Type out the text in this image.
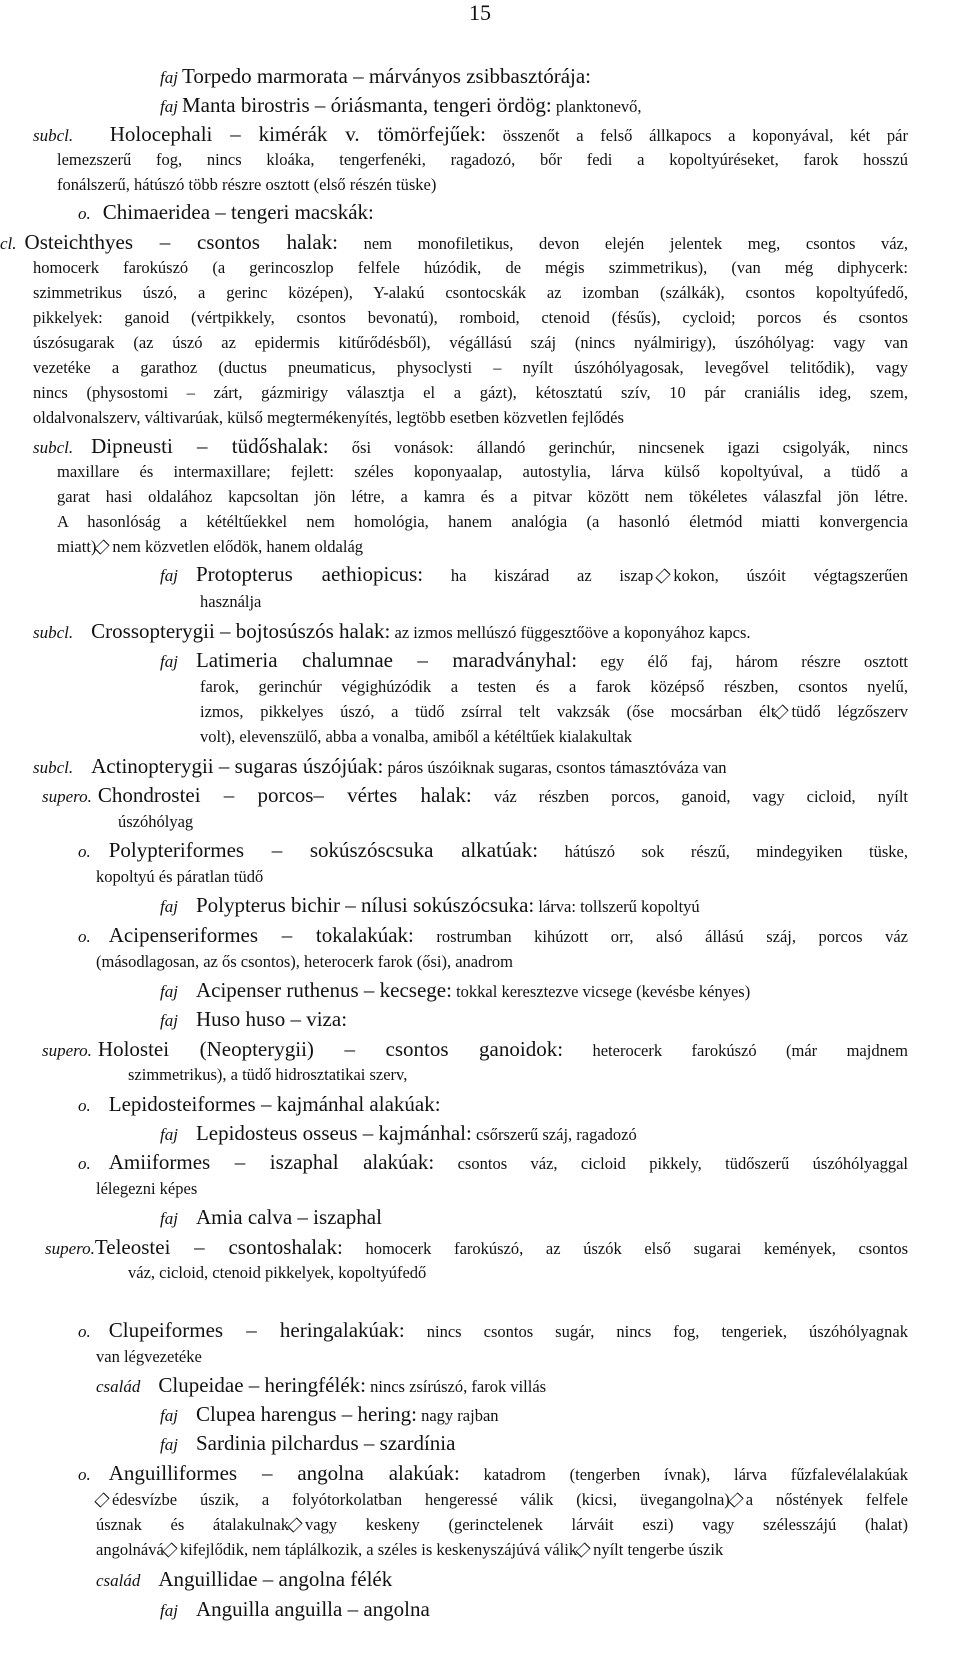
15
faj Torpedo marmorata – márványos zsibbasztórája:
faj Manta birostris – óriásmanta, tengeri ördög: planktonevő,
subcl. Holocephali – kimérák v. tömörfejűek: összenőt a felső állkapocs a koponyával, két pár
lemezszerű fog, nincs kloáka, tengerfenéki, ragadozó, bőr fedi a kopoltyúréseket, farok hosszú
fonálszerű, hátúszó több részre osztott (első részén tüske)
o. Chimaeridea – tengeri macskák:
cl. Osteichthyes – csontos halak: nem monofiletikus, devon elején jelentek meg, csontos váz,
homocerk farokúszó (a gerincoszlop felfele húzódik, de mégis szimmetrikus), (van még diphycerk:
szimmetrikus úszó, a gerinc középen), Y-alakú csontocskák az izomban (szálkák), csontos kopoltyúfedő,
pikkelyek: ganoid (vértpikkely, csontos bevonatú), romboid, ctenoid (fésűs), cycloid; porcos és csontos
úszósugarak (az úszó az epidermis kitűrődésből), végállású száj (nincs nyálmirigy), úszóhólyag: vagy van
vezetéke a garathoz (ductus pneumaticus, physoclysti – nyílt úszóhólyagosak, levegővel telitődik), vagy
nincs (physostomi – zárt, gázmirigy választja el a gázt), kétosztatú szív, 10 pár craniális ideg, szem,
oldalvonalszerv, váltivarúak, külső megtermékenyítés, legtöbb esetben közvetlen fejlődés
subcl. Dipneusti – tüdőshalak: ősi vonások: állandó gerinchúr, nincsenek igazi csigolyák, nincs
maxillare és intermaxillare; fejlett: széles koponyaalap, autostylia, lárva külső kopoltyúval, a tüdő a
garat hasi oldalához kapcsoltan jön létre, a kamra és a pitvar között nem tökéletes válaszfal jön létre.
A hasonlóság a kétéltűekkel nem homológia, hanem analógia (a hasonló életmód miatti konvergencia
miatt) nem közvetlen elődök, hanem oldalág
faj Protopterus aethiopicus: ha kiszárad az iszap kokon, úszóit végtagszerűen
használja
subcl. Crossopterygii – bojtosúszós halak: az izmos mellúszó függesztőöve a koponyához kapcs.
faj Latimeria chalumnae – maradványhal: egy élő faj, három részre osztott
farok, gerinchúr végighúzódik a testen és a farok középső részben, csontos nyelű,
izmos, pikkelyes úszó, a tüdő zsírral telt vakzsák (őse mocsárban élt tüdő légzőszerv
volt), elevenszülő, abba a vonalba, amiből a kétéltűek kialakultak
subcl. Actinopterygii – sugaras úszójúak: páros úszóiknak sugaras, csontos támasztóváza van
supero. Chondrostei – porcos– vértes halak: váz részben porcos, ganoid, vagy cicloid, nyílt
úszóhólyag
o. Polypteriformes – sokúszóscsuka alkatúak: hátúszó sok részű, mindegyiken tüske,
kopoltyú és páratlan tüdő
faj Polypterus bichir – nílusi sokúszócsuka: lárva: tollszerű kopoltyú
o. Acipenseriformes – tokalakúak: rostrumban kihúzott orr, alsó állású száj, porcos váz
(másodlagosan, az ős csontos), heterocerk farok (ősi), anadrom
faj Acipenser ruthenus – kecsege: tokkal keresztezve vicsege (kevésbe kényes)
faj Huso huso – viza:
supero. Holostei (Neopterygii) – csontos ganoidok: heterocerk farokúszó (már majdnem
szimmetrikus), a tüdő hidrosztatikai szerv,
o. Lepidosteiformes – kajmánhal alakúak:
faj Lepidosteus osseus – kajmánhal: csőrszerű száj, ragadozó
o. Amiiformes – iszaphal alakúak: csontos váz, cicloid pikkely, tüdőszerű úszóhólyaggal
lélegezni képes
faj Amia calva – iszaphal
supero.Teleostei – csontoshalak: homocerk farokúszó, az úszók első sugarai kemények, csontos
váz, cicloid, ctenoid pikkelyek, kopoltyúfedő
o. Clupeiformes – heringalakúak: nincs csontos sugár, nincs fog, tengeriek, úszóhólyagnak
van légvezetéke
család Clupeidae – heringfélék: nincs zsírúszó, farok villás
faj Clupea harengus – hering: nagy rajban
faj Sardinia pilchardus – szardínia
o. Anguilliformes – angolna alakúak: katadrom (tengerben ívnak), lárva fűzfalevélalakúak
édesvízbe úszik, a folyótorkolatban hengeressé válik (kicsi, üvegangolna) a nőstények felfele
úsznak és átalakulnak vagy keskeny (gerinctelenek lárváit eszi) vagy szélesszájú (halat)
angolnává kifejlődik, nem táplálkozik, a széles is keskenyszájúvá válik nyílt tengerbe úszik
család Anguillidae – angolna félék
faj Anguilla anguilla – angolna
